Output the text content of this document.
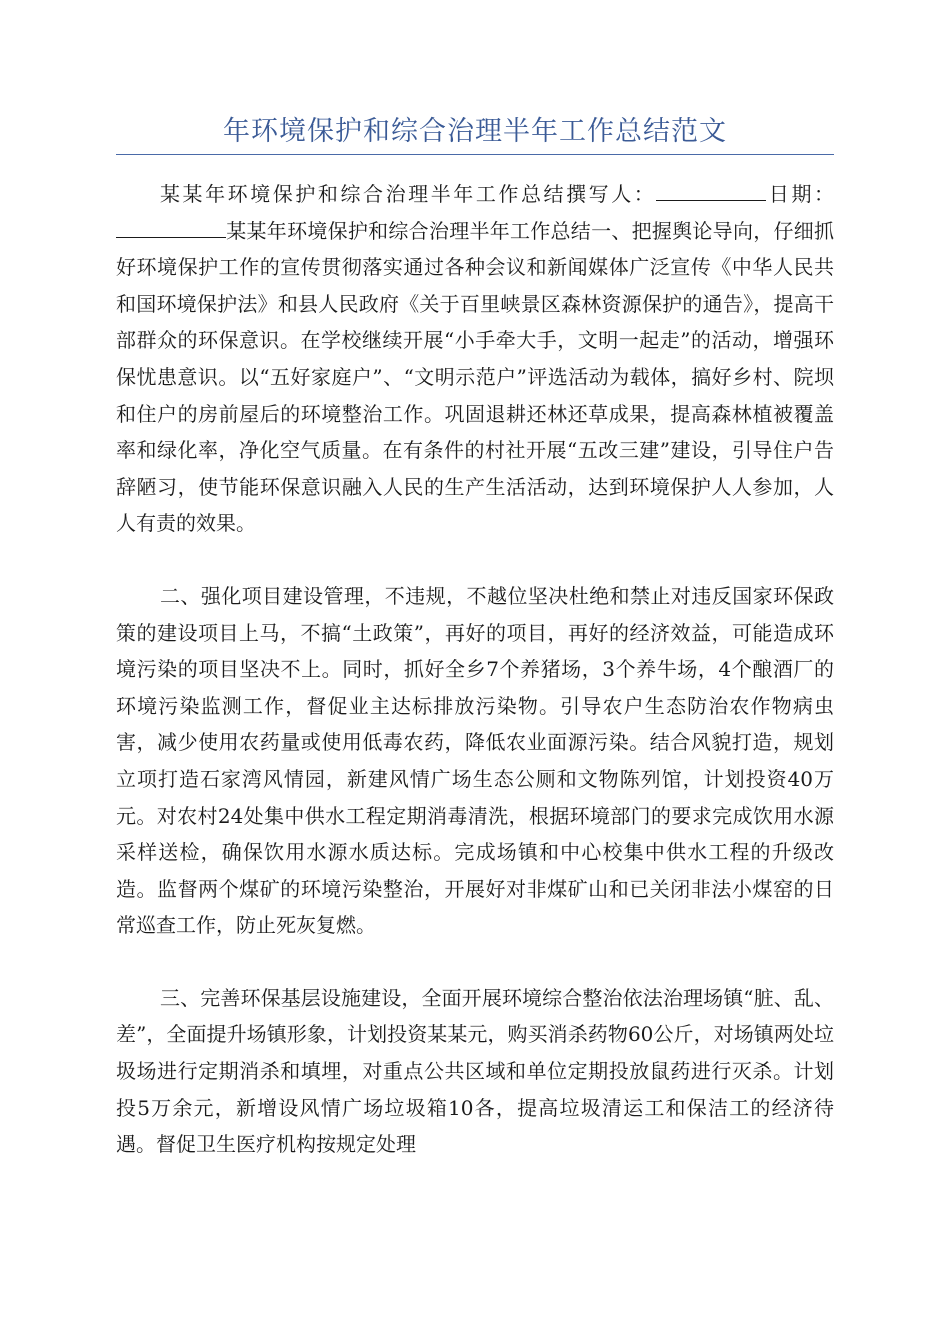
年环境保护和综合治理半年工作总结范文

某某年环境保护和综合治理半年工作总结撰写人：	日期：某某年环境保护和综合治理半年工作总结一、把握舆论导向，仔细抓好环境保护工作的宣传贯彻落实通过各种会议和新闻媒体广泛宣传《中华人民共和国环境保护法》和县人民政府《关于百里峡景区森林资源保护的通告》，提高干部群众的环保意识。在学校继续开展“小手牵大手，文明一起走”的活动，增强环保忧患意识。以“五好家庭户”、“文明示范户”评选活动为载体，搞好乡村、院坝和住户的房前屋后的环境整治工作。巩固退耕还林还草成果，提高森林植被覆盖率和绿化率，净化空气质量。在有条件的村社开展“五改三建”建设，引导住户告辞陋习，使节能环保意识融入人民的生产生活活动，达到环境保护人人参加，人人有责的效果。

二、强化项目建设管理，不违规，不越位坚决杜绝和禁止对违反国家环保政策的建设项目上马，不搞“土政策”，再好的项目，再好的经济效益，可能造成环境污染的项目坚决不上。同时，抓好全乡7个养猪场，3个养牛场，4个酿酒厂的环境污染监测工作，督促业主达标排放污染物。引导农户生态防治农作物病虫害，减少使用农药量或使用低毒农药，降低农业面源污染。结合风貌打造，规划立项打造石家湾风情园，新建风情广场生态公厕和文物陈列馆，计划投资40万元。对农村24处集中供水工程定期消毒清洗，根据环境部门的要求完成饮用水源采样送检，确保饮用水源水质达标。完成场镇和中心校集中供水工程的升级改造。监督两个煤矿的环境污染整治，开展好对非煤矿山和已关闭非法小煤窑的日常巡查工作，防止死灰复燃。

三、完善环保基层设施建设，全面开展环境综合整治依法治理场镇“脏、乱、差”，全面提升场镇形象，计划投资某某元，购买消杀药物60公斤，对场镇两处垃圾场进行定期消杀和填埋，对重点公共区域和单位定期投放鼠药进行灭杀。计划投5万余元，新增设风情广场垃圾箱10各，提高垃圾清运工和保洁工的经济待遇。督促卫生医疗机构按规定处理
